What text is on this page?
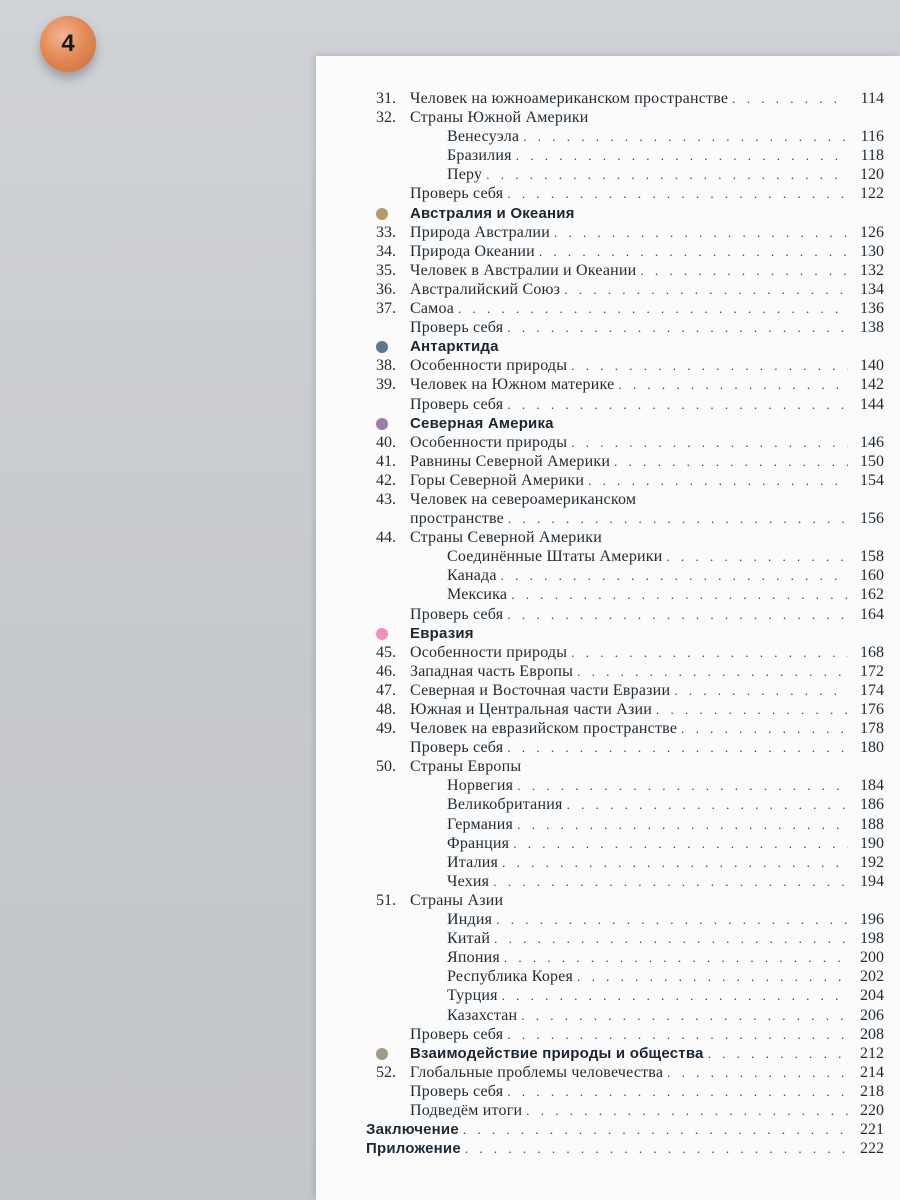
4
31. Человек на южноамериканском пространстве . . .	114
32. Страны Южной Америки
Венесуэла . . .	116
Бразилия . . .	118
Перу . . .	120
Проверь себя . . .	122
Австралия и Океания
33. Природа Австралии . . .	126
34. Природа Океании . . .	130
35. Человек в Австралии и Океании . . .	132
36. Австралийский Союз . . .	134
37. Самоа . . .	136
Проверь себя . . .	138
Антарктида
38. Особенности природы . . .	140
39. Человек на Южном материке . . .	142
Проверь себя . . .	144
Северная Америка
40. Особенности природы . . .	146
41. Равнины Северной Америки . . .	150
42. Горы Северной Америки . . .	154
43. Человек на североамериканском
пространстве . . .	156
44. Страны Северной Америки
Соединённые Штаты Америки . . .	158
Канада . . .	160
Мексика . . .	162
Проверь себя . . .	164
Евразия
45. Особенности природы . . .	168
46. Западная часть Европы . . .	172
47. Северная и Восточная части Евразии . . .	174
48. Южная и Центральная части Азии . . .	176
49. Человек на евразийском пространстве . . .	178
Проверь себя . . .	180
50. Страны Европы
Норвегия . . .	184
Великобритания . . .	186
Германия . . .	188
Франция . . .	190
Италия . . .	192
Чехия . . .	194
51. Страны Азии
Индия . . .	196
Китай . . .	198
Япония . . .	200
Республика Корея . . .	202
Турция . . .	204
Казахстан . . .	206
Проверь себя . . .	208
Взаимодействие природы и общества . . .	212
52. Глобальные проблемы человечества . . .	214
Проверь себя . . .	218
Подведём итоги . . .	220
Заключение . . .	221
Приложение . . .	222
